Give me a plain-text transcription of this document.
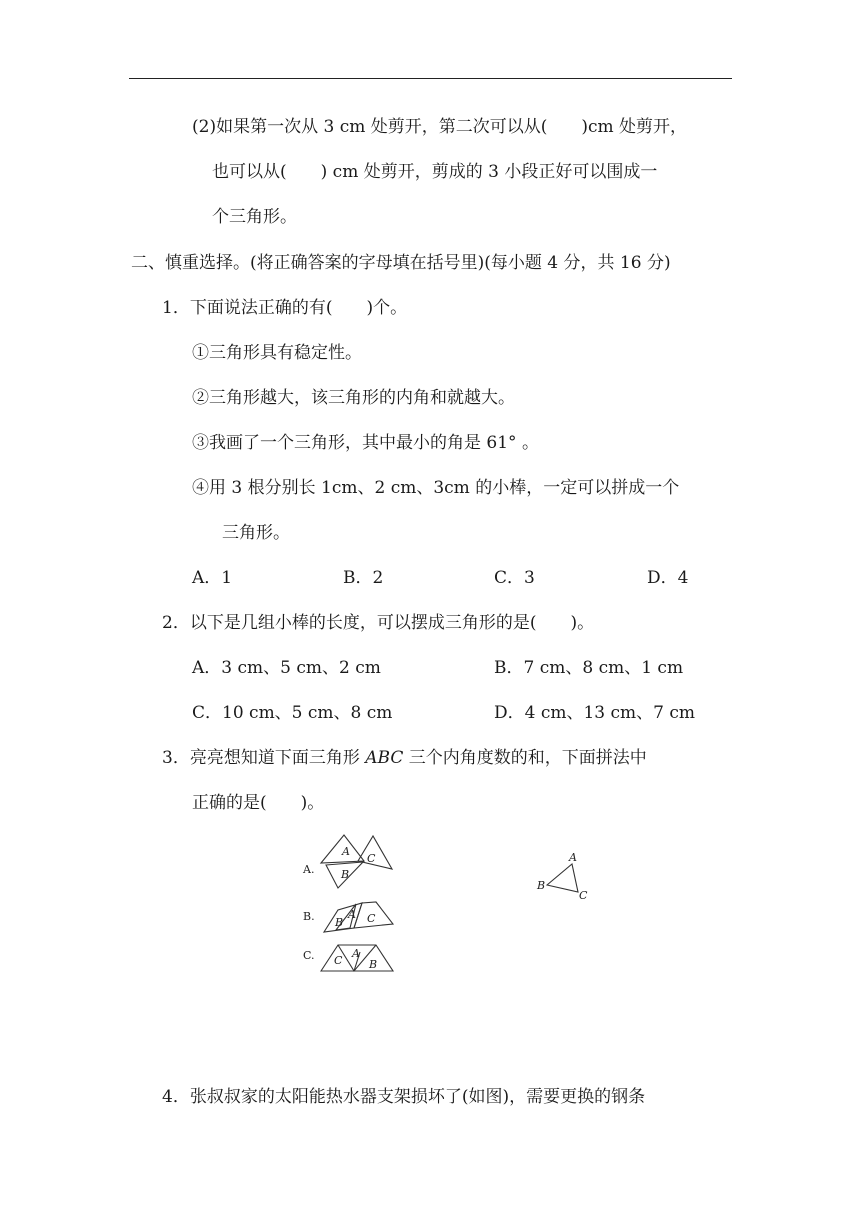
(2)如果第一次从 3 cm 处剪开，第二次可以从(　　)cm 处剪开，
也可以从(　　) cm 处剪开，剪成的 3 小段正好可以围成一
个三角形。
二、慎重选择。(将正确答案的字母填在括号里)(每小题 4 分，共 16 分)
1．下面说法正确的有(　　)个。
①三角形具有稳定性。
②三角形越大，该三角形的内角和就越大。
③我画了一个三角形，其中最小的角是 61° 。
④用 3 根分别长 1cm、2 cm、3cm 的小棒，一定可以拼成一个
三角形。
A．1	B．2	C．3	D．4
2．以下是几组小棒的长度，可以摆成三角形的是(　　)。
A．3 cm、5 cm、2 cm	B．7 cm、8 cm、1 cm
C．10 cm、5 cm、8 cm	D．4 cm、13 cm、7 cm
3．亮亮想知道下面三角形 ABC 三个内角度数的和，下面拼法中
正确的是(　　)。
A.
A
B
C
B. B
A C
C. C
A
B
A
B
C
4．张叔叔家的太阳能热水器支架损坏了(如图)，需要更换的钢条
